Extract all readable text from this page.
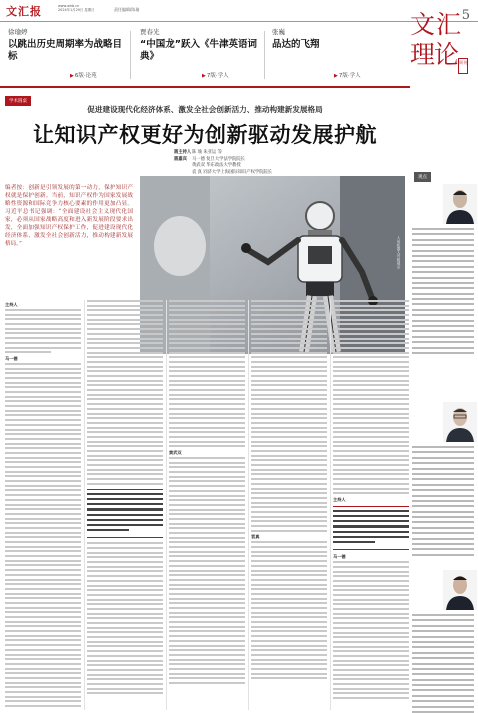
文汇报	www.whb.cn
2024年1月29日 星期日	责任编辑/陈瑜
徐瑜婷
以跳出历史周期率为战略目标
▶ 6版·论苑
贾春光
“中国龙”跃入《牛津英语词典》
▶ 7版·学人
张巍
品达的飞翔
▶ 7版·学人
5
文 汇
理
论 周刊
学术圆桌
促进建设现代化经济体系、激发全社会创新活力、推动构建新发展格局
让知识产权更好为创新驱动发展护航
圆主持人陈 瑜 朱亚运 等
圆嘉宾 马一德 复旦大学法学院院长
黄武双 华东政法大学教授
袁 真 同济大学上海国际知识产权学院院长
编者按：创新是引领发展的第一动力，保护知识产权就是保护创新。当前，知识产权作为国家发展战略性资源和国际竞争力核心要素的作用更加凸显。习近平总书记强调：“全面建设社会主义现代化国家，必须从国家战略高度和进入新发展阶段要求出发，全面加强知识产权保护工作，促进建设现代化经济体系，激发全社会创新活力，推动构建新发展格局。”	人形机器人亮相展会
主持人
马一德
黄武双
袁真
主持人
马一德
观点
